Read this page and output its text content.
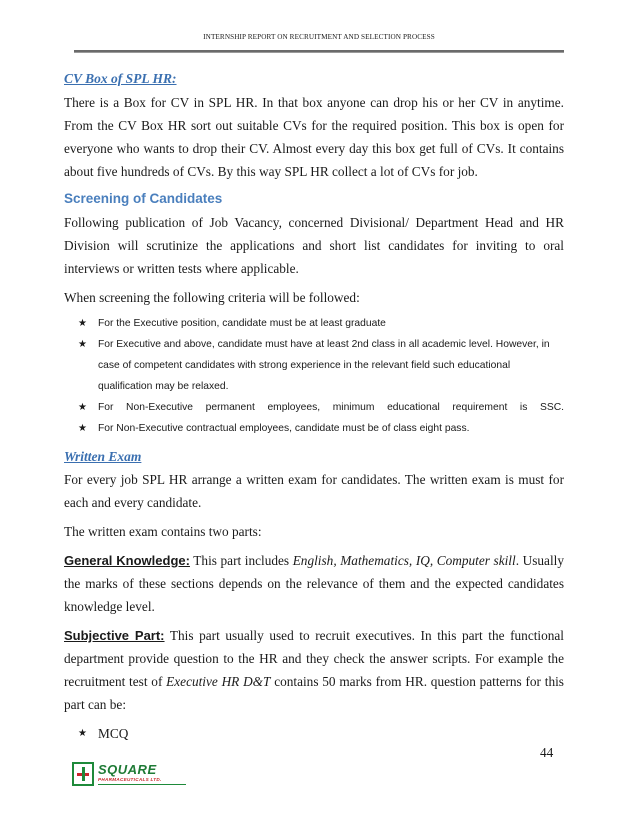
INTERNSHIP REPORT ON RECRUITMENT AND SELECTION PROCESS
CV Box of SPL HR:

There is a Box for CV in SPL HR. In that box anyone can drop his or her CV in anytime. From the CV Box HR sort out suitable CVs for the required position. This box is open for everyone who wants to drop their CV. Almost every day this box get full of CVs. It contains about five hundreds of CVs. By this way SPL HR collect a lot of CVs for job.

Screening of Candidates

Following publication of Job Vacancy, concerned Divisional/ Department Head and HR Division will scrutinize the applications and short list candidates for inviting to oral interviews or written tests where applicable.

When screening the following criteria will be followed:

★ For the Executive position, candidate must be at least graduate
★ For Executive and above, candidate must have at least 2nd class in all academic level. However, in case of competent candidates with strong experience in the relevant field such educational qualification may be relaxed.
★ For Non-Executive permanent employees, minimum educational requirement is SSC.
★ For Non-Executive contractual employees, candidate must be of class eight pass.
Written Exam

For every job SPL HR arrange a written exam for candidates. The written exam is must for each and every candidate.

The written exam contains two parts:

General Knowledge: This part includes English, Mathematics, IQ, Computer skill. Usually the marks of these sections depends on the relevance of them and the expected candidates knowledge level.

Subjective Part: This part usually used to recruit executives. In this part the functional department provide question to the HR and they check the answer scripts. For example the recruitment test of Executive HR D&T contains 50 marks from HR. question patterns for this part can be:

★ MCQ
44
SQUARE
PHARMACEUTICALS LTD.
